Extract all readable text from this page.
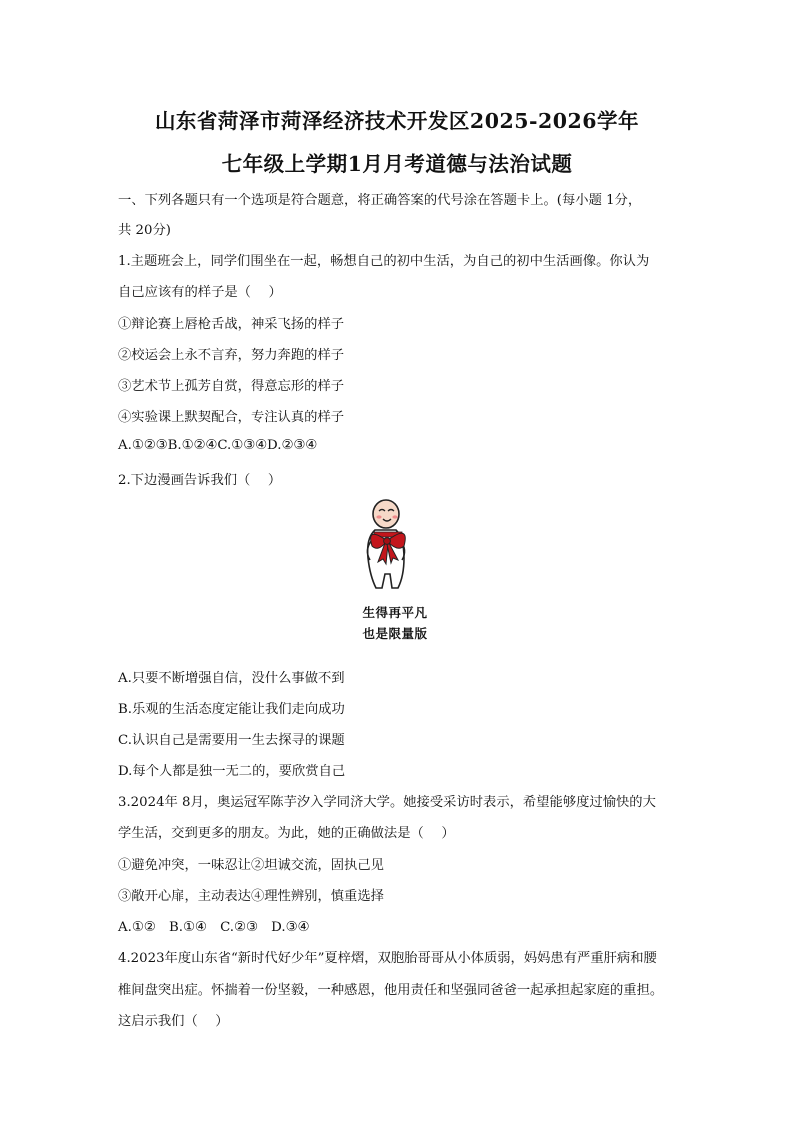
山东省菏泽市菏泽经济技术开发区2025-2026学年
七年级上学期1月月考道德与法治试题
一、下列各题只有一个选项是符合题意，将正确答案的代号涂在答题卡上。(每小题 1分，
共 20分)
1.主题班会上，同学们围坐在一起，畅想自己的初中生活，为自己的初中生活画像。你认为
自己应该有的样子是（　 ）
①辩论赛上唇枪舌战，神采飞扬的样子
②校运会上永不言弃，努力奔跑的样子
③艺术节上孤芳自赏，得意忘形的样子
④实验课上默契配合，专注认真的样子
A.①②③B.①②④C.①③④D.②③④
2.下边漫画告诉我们（　 ）
生得再平凡
也是限量版
A.只要不断增强自信，没什么事做不到
B.乐观的生活态度定能让我们走向成功
C.认识自己是需要用一生去探寻的课题
D.每个人都是独一无二的，要欣赏自己
3.2024年 8月，奥运冠军陈芋汐入学同济大学。她接受采访时表示，希望能够度过愉快的大
学生活，交到更多的朋友。为此，她的正确做法是（　 ）
①避免冲突，一味忍让②坦诚交流，固执己见
③敞开心扉，主动表达④理性辨别，慎重选择
A.①②　B.①④　C.②③　D.③④
4.2023年度山东省“新时代好少年”夏梓熠，双胞胎哥哥从小体质弱，妈妈患有严重肝病和腰
椎间盘突出症。怀揣着一份坚毅，一种感恩，他用责任和坚强同爸爸一起承担起家庭的重担。
这启示我们（　 ）
